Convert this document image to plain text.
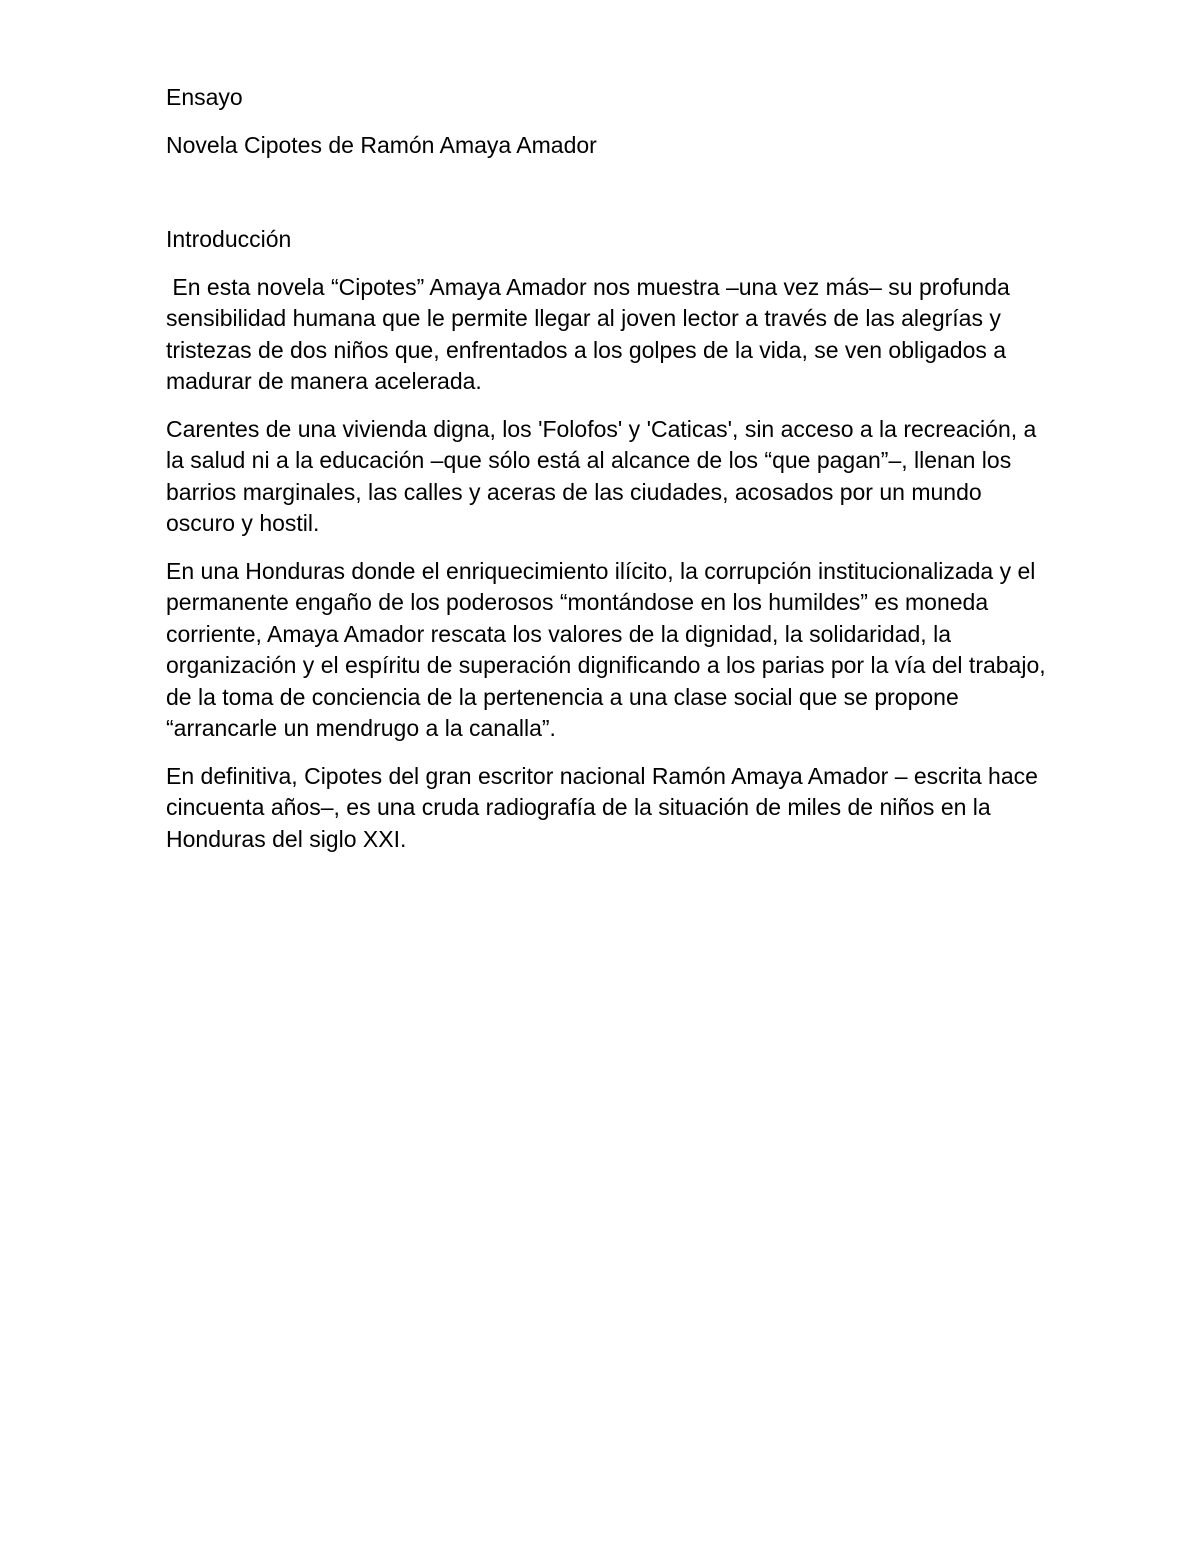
Ensayo

Novela Cipotes de Ramón Amaya Amador

Introducción

En esta novela “Cipotes” Amaya Amador nos muestra –una vez más– su profunda sensibilidad humana que le permite llegar al joven lector a través de las alegrías y tristezas de dos niños que, enfrentados a los golpes de la vida, se ven obligados a madurar de manera acelerada.

Carentes de una vivienda digna, los 'Folofos' y 'Caticas', sin acceso a la recreación, a la salud ni a la educación –que sólo está al alcance de los “que pagan”–, llenan los barrios marginales, las calles y aceras de las ciudades, acosados por un mundo oscuro y hostil.

En una Honduras donde el enriquecimiento ilícito, la corrupción institucionalizada y el permanente engaño de los poderosos “montándose en los humildes” es moneda corriente, Amaya Amador rescata los valores de la dignidad, la solidaridad, la organización y el espíritu de superación dignificando a los parias por la vía del trabajo, de la toma de conciencia de la pertenencia a una clase social que se propone “arrancarle un mendrugo a la canalla”.

En definitiva, Cipotes del gran escritor nacional Ramón Amaya Amador – escrita hace cincuenta años–, es una cruda radiografía de la situación de miles de niños en la Honduras del siglo XXI.
